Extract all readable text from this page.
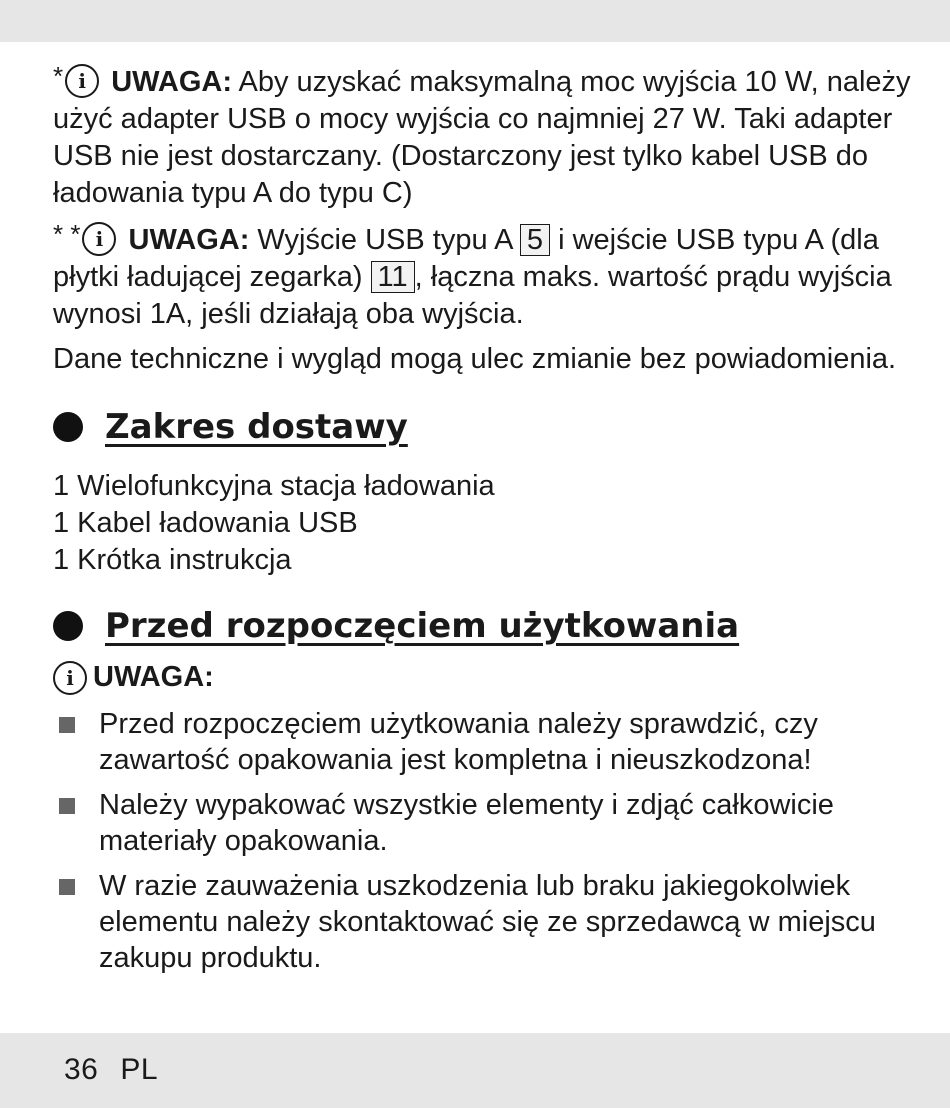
* i UWAGA: Aby uzyskać maksymalną moc wyjścia 10 W, należy użyć adapter USB o mocy wyjścia co najmniej 27 W. Taki adapter USB nie jest dostarczany. (Dostarczony jest tylko kabel USB do ładowania typu A do typu C)

* * i UWAGA: Wyjście USB typu A 5 i wejście USB typu A (dla płytki ładującej zegarka) 11 , łączna maks. wartość prądu wyjścia wynosi 1A, jeśli działają oba wyjścia.

Dane techniczne i wygląd mogą ulec zmianie bez powiadomienia.

Zakres dostawy
1 Wielofunkcyjna stacja ładowania
1 Kabel ładowania USB
1 Krótka instrukcja
Przed rozpoczęciem użytkowania
i UWAGA:
Przed rozpoczęciem użytkowania należy sprawdzić, czy zawartość opakowania jest kompletna i nieuszkodzona!
Należy wypakować wszystkie elementy i zdjąć całkowicie materiały opakowania.
W razie zauważenia uszkodzenia lub braku jakiegokolwiek elementu należy skontaktować się ze sprzedawcą w miejscu zakupu produktu.
36 PL
